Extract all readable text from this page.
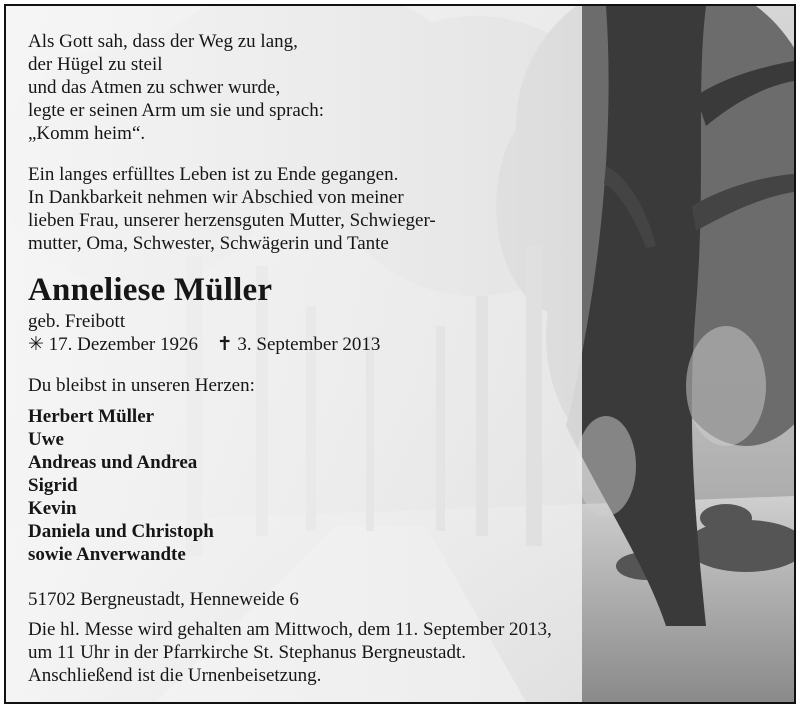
Als Gott sah, dass der Weg zu lang,
der Hügel zu steil
und das Atmen zu schwer wurde,
legte er seinen Arm um sie und sprach:
„Komm heim“.
Ein langes erfülltes Leben ist zu Ende gegangen.
In Dankbarkeit nehmen wir Abschied von meiner
lieben Frau, unserer herzensguten Mutter, Schwieger-
mutter, Oma, Schwester, Schwägerin und Tante
Anneliese Müller
geb. Freibott
✳ 17. Dezember 1926 ✝ 3. September 2013
Du bleibst in unseren Herzen:
Herbert Müller
Uwe
Andreas und Andrea
Sigrid
Kevin
Daniela und Christoph
sowie Anverwandte
51702 Bergneustadt, Henneweide 6
Die hl. Messe wird gehalten am Mittwoch, dem 11. September 2013,
um 11 Uhr in der Pfarrkirche St. Stephanus Bergneustadt.
Anschließend ist die Urnenbeisetzung.
